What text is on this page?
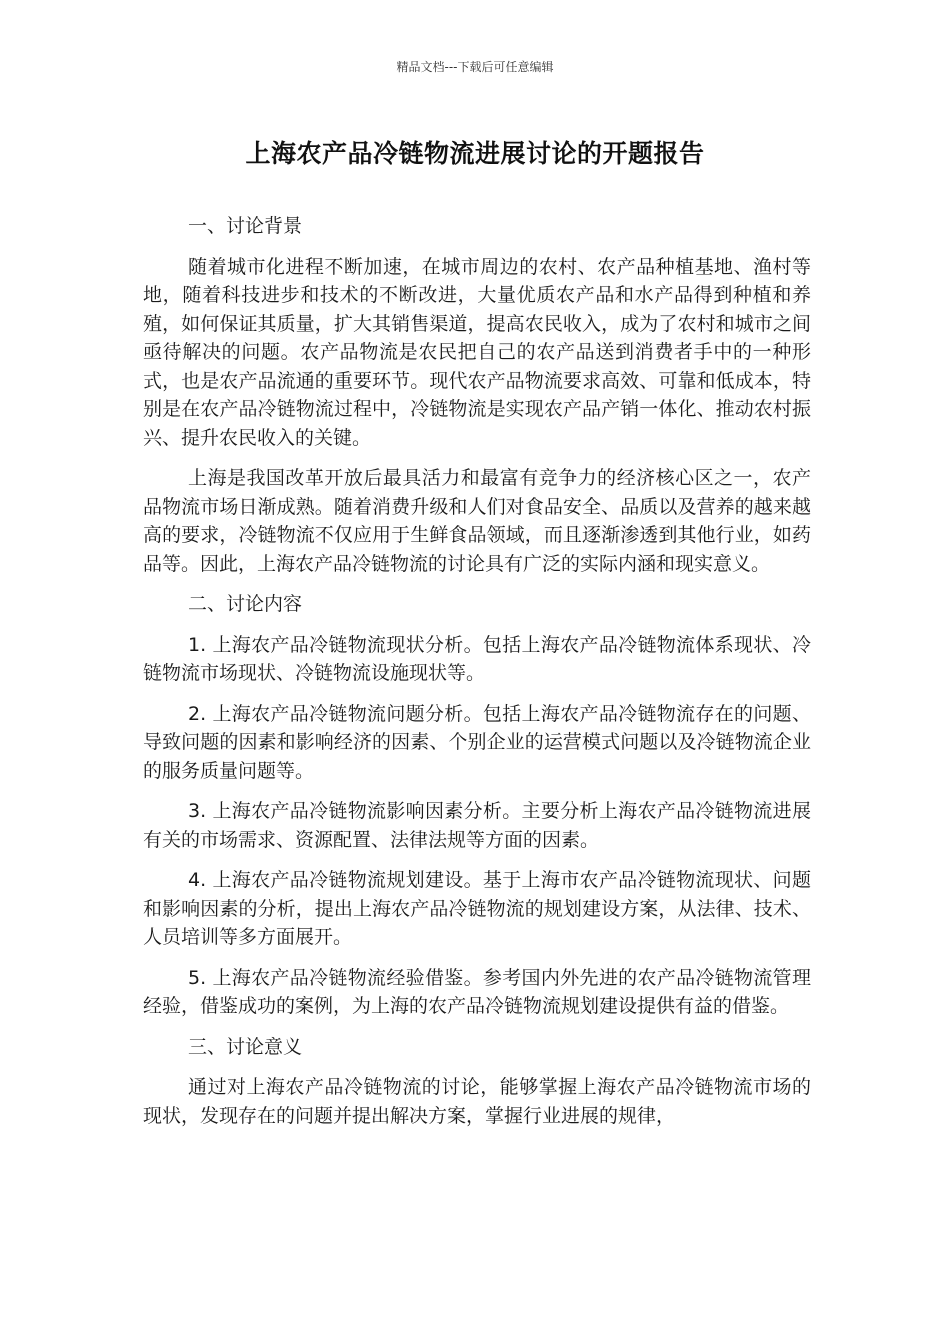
精品文档---下载后可任意编辑
上海农产品冷链物流进展讨论的开题报告

一、讨论背景

随着城市化进程不断加速，在城市周边的农村、农产品种植基地、渔村等地，随着科技进步和技术的不断改进，大量优质农产品和水产品得到种植和养殖，如何保证其质量，扩大其销售渠道，提高农民收入，成为了农村和城市之间亟待解决的问题。农产品物流是农民把自己的农产品送到消费者手中的一种形式，也是农产品流通的重要环节。现代农产品物流要求高效、可靠和低成本，特别是在农产品冷链物流过程中，冷链物流是实现农产品产销一体化、推动农村振兴、提升农民收入的关键。

上海是我国改革开放后最具活力和最富有竞争力的经济核心区之一，农产品物流市场日渐成熟。随着消费升级和人们对食品安全、品质以及营养的越来越高的要求，冷链物流不仅应用于生鲜食品领域，而且逐渐渗透到其他行业，如药品等。因此，上海农产品冷链物流的讨论具有广泛的实际内涵和现实意义。

二、讨论内容

1. 上海农产品冷链物流现状分析。包括上海农产品冷链物流体系现状、冷链物流市场现状、冷链物流设施现状等。

2. 上海农产品冷链物流问题分析。包括上海农产品冷链物流存在的问题、导致问题的因素和影响经济的因素、个别企业的运营模式问题以及冷链物流企业的服务质量问题等。

3. 上海农产品冷链物流影响因素分析。主要分析上海农产品冷链物流进展有关的市场需求、资源配置、法律法规等方面的因素。

4. 上海农产品冷链物流规划建设。基于上海市农产品冷链物流现状、问题和影响因素的分析，提出上海农产品冷链物流的规划建设方案，从法律、技术、人员培训等多方面展开。

5. 上海农产品冷链物流经验借鉴。参考国内外先进的农产品冷链物流管理经验，借鉴成功的案例，为上海的农产品冷链物流规划建设提供有益的借鉴。

三、讨论意义

通过对上海农产品冷链物流的讨论，能够掌握上海农产品冷链物流市场的现状，发现存在的问题并提出解决方案，掌握行业进展的规律，
